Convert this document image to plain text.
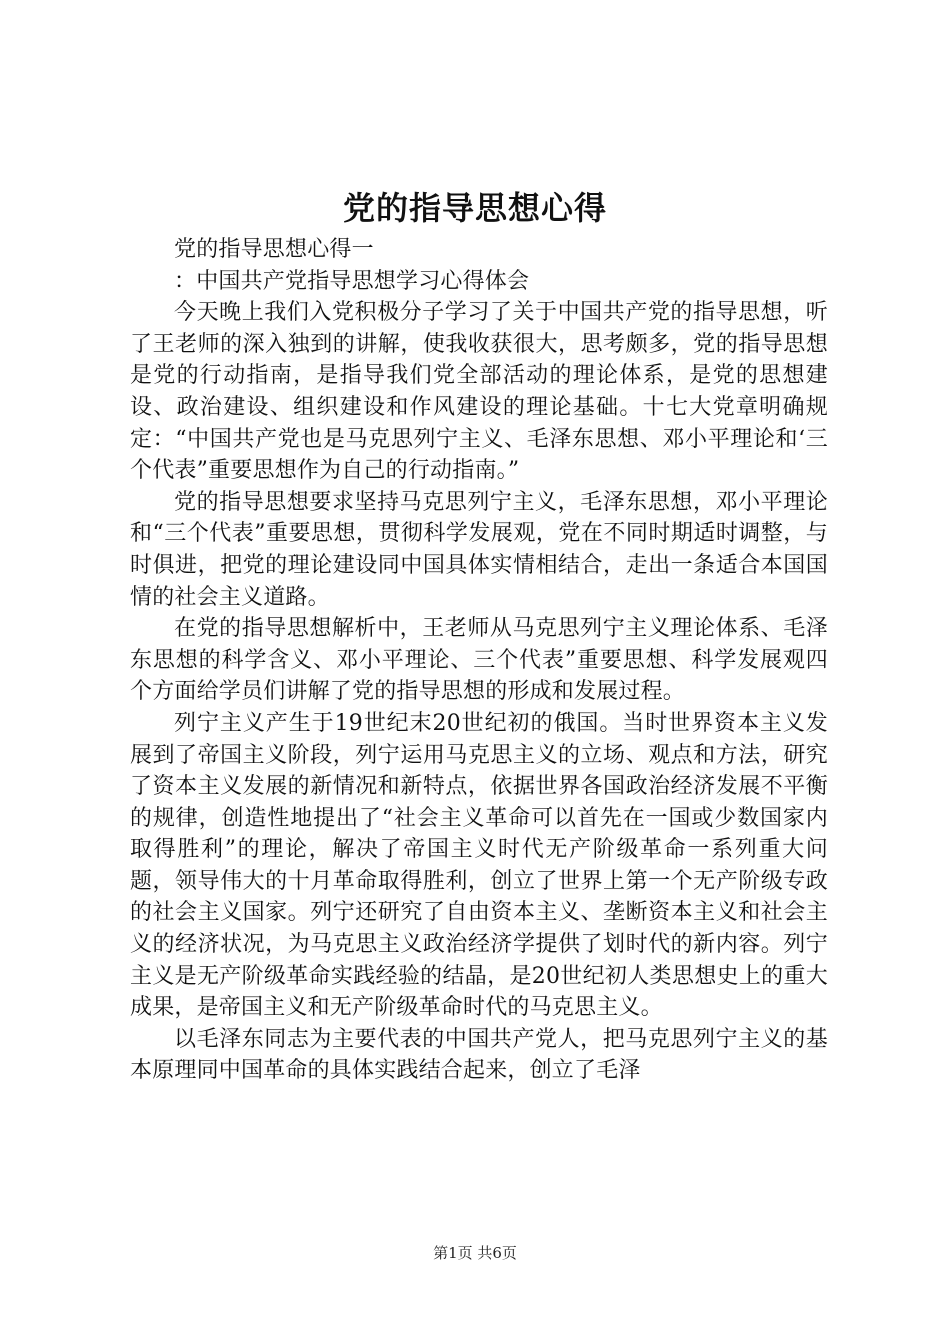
党的指导思想心得

党的指导思想心得一

：中国共产党指导思想学习心得体会

今天晚上我们入党积极分子学习了关于中国共产党的指导思想，听了王老师的深入独到的讲解，使我收获很大，思考颇多，党的指导思想是党的行动指南，是指导我们党全部活动的理论体系，是党的思想建设、政治建设、组织建设和作风建设的理论基础。十七大党章明确规定：“中国共产党也是马克思列宁主义、毛泽东思想、邓小平理论和‘三个代表”重要思想作为自己的行动指南。”

党的指导思想要求坚持马克思列宁主义，毛泽东思想，邓小平理论和“三个代表”重要思想，贯彻科学发展观，党在不同时期适时调整，与时俱进，把党的理论建设同中国具体实情相结合，走出一条适合本国国情的社会主义道路。

在党的指导思想解析中，王老师从马克思列宁主义理论体系、毛泽东思想的科学含义、邓小平理论、三个代表”重要思想、科学发展观四个方面给学员们讲解了党的指导思想的形成和发展过程。

列宁主义产生于19世纪末20世纪初的俄国。当时世界资本主义发展到了帝国主义阶段，列宁运用马克思主义的立场、观点和方法，研究了资本主义发展的新情况和新特点，依据世界各国政治经济发展不平衡的规律，创造性地提出了“社会主义革命可以首先在一国或少数国家内取得胜利”的理论，解决了帝国主义时代无产阶级革命一系列重大问题，领导伟大的十月革命取得胜利，创立了世界上第一个无产阶级专政的社会主义国家。列宁还研究了自由资本主义、垄断资本主义和社会主义的经济状况，为马克思主义政治经济学提供了划时代的新内容。列宁主义是无产阶级革命实践经验的结晶，是20世纪初人类思想史上的重大成果，是帝国主义和无产阶级革命时代的马克思主义。

以毛泽东同志为主要代表的中国共产党人，把马克思列宁主义的基本原理同中国革命的具体实践结合起来，创立了毛泽

第1页 共6页
